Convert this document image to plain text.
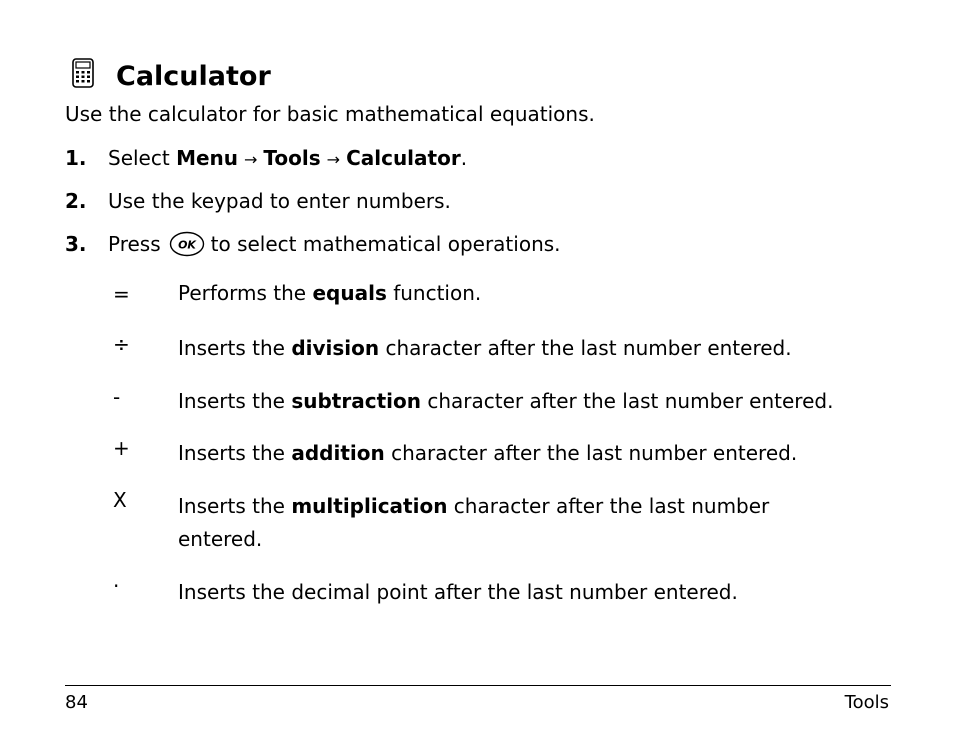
Calculator
Use the calculator for basic mathematical equations.
1. Select Menu → Tools → Calculator.
2. Use the keypad to enter numbers.
3. Press OK to select mathematical operations.
= Performs the equals function.
÷ Inserts the division character after the last number entered.
-	Inserts the subtraction character after the last number entered.
+ Inserts the addition character after the last number entered.
X	Inserts the multiplication character after the last number entered.
.	Inserts the decimal point after the last number entered.
84	Tools
